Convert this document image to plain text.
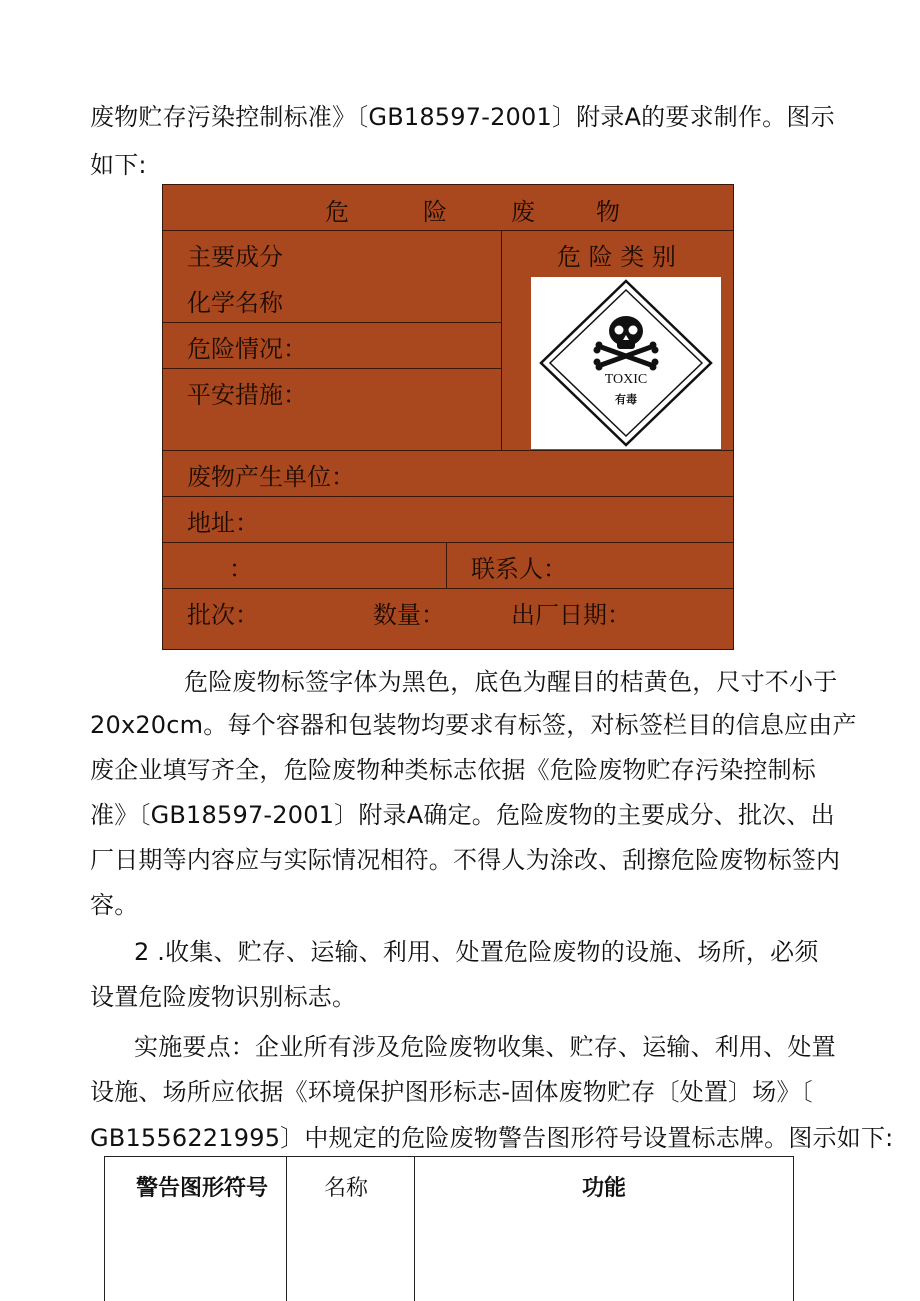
废物贮存污染控制标准》〔GB18597-2001〕附录A的要求制作。图示
如下:
危	险	废	物
主要成分
化学名称
危险情况：
平安措施：
危 险 类 别
TOXIC
有毒
废物产生单位：
地址：
：	联系人：
批次：	数量：	出厂日期：
危险废物标签字体为黑色，底色为醒目的桔黄色，尺寸不小于
20x20cm。每个容器和包装物均要求有标签，对标签栏目的信息应由产
废企业填写齐全，危险废物种类标志依据《危险废物贮存污染控制标
准》〔GB18597-2001〕附录A确定。危险废物的主要成分、批次、出
厂日期等内容应与实际情况相符。不得人为涂改、刮擦危险废物标签内
容。
2 .收集、贮存、运输、利用、处置危险废物的设施、场所，必须
设置危险废物识别标志。
实施要点：企业所有涉及危险废物收集、贮存、运输、利用、处置
设施、场所应依据《环境保护图形标志-固体废物贮存〔处置〕场》〔
GB1556221995〕中规定的危险废物警告图形符号设置标志牌。图示如下:
警告图形符号	名称	功能
